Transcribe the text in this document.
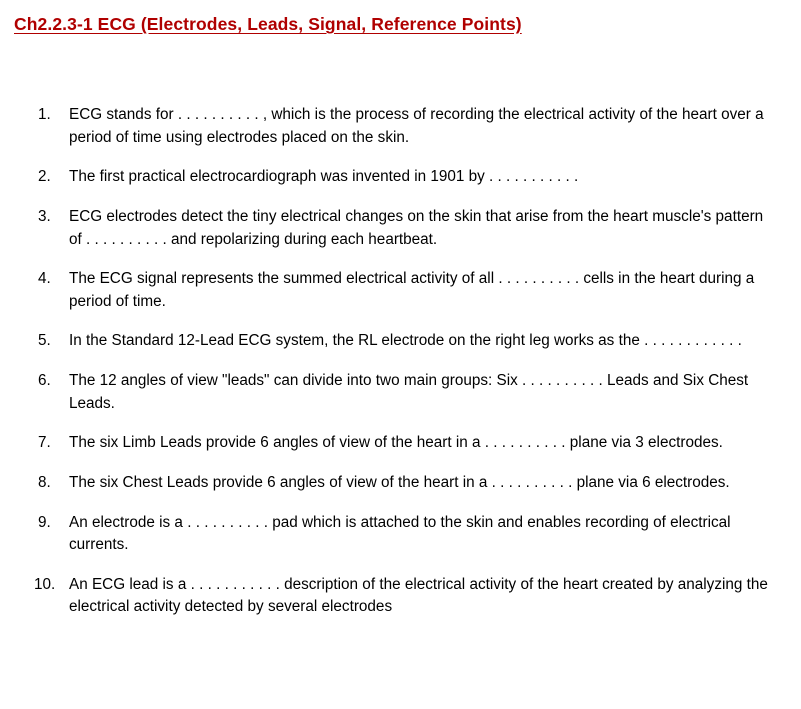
Ch2.2.3-1 ECG (Electrodes, Leads, Signal, Reference Points)
1.	ECG stands for . . . . . . . . . . , which is the process of recording the electrical activity of the heart over a period of time using electrodes placed on the skin.
2.	The first practical electrocardiograph was invented in 1901 by . . . . . . . . . . .
3.	ECG electrodes detect the tiny electrical changes on the skin that arise from the heart muscle's pattern of . . . . . . . . . . and repolarizing during each heartbeat.
4.	The ECG signal represents the summed electrical activity of all . . . . . . . . . . cells in the heart during a period of time.
5.	In the Standard 12-Lead ECG system, the RL electrode on the right leg works as the . . . . . . . . . . . .
6.	The 12 angles of view "leads" can divide into two main groups: Six . . . . . . . . . . Leads and Six Chest Leads.
7.	The six Limb Leads provide 6 angles of view of the heart in a . . . . . . . . . . plane via 3 electrodes.
8.	The six Chest Leads provide 6 angles of view of the heart in a . . . . . . . . . . plane via 6 electrodes.
9.	An electrode is a . . . . . . . . . . pad which is attached to the skin and enables recording of electrical currents.
10. An ECG lead is a . . . . . . . . . . . description of the electrical activity of the heart created by analyzing the electrical activity detected by several electrodes
